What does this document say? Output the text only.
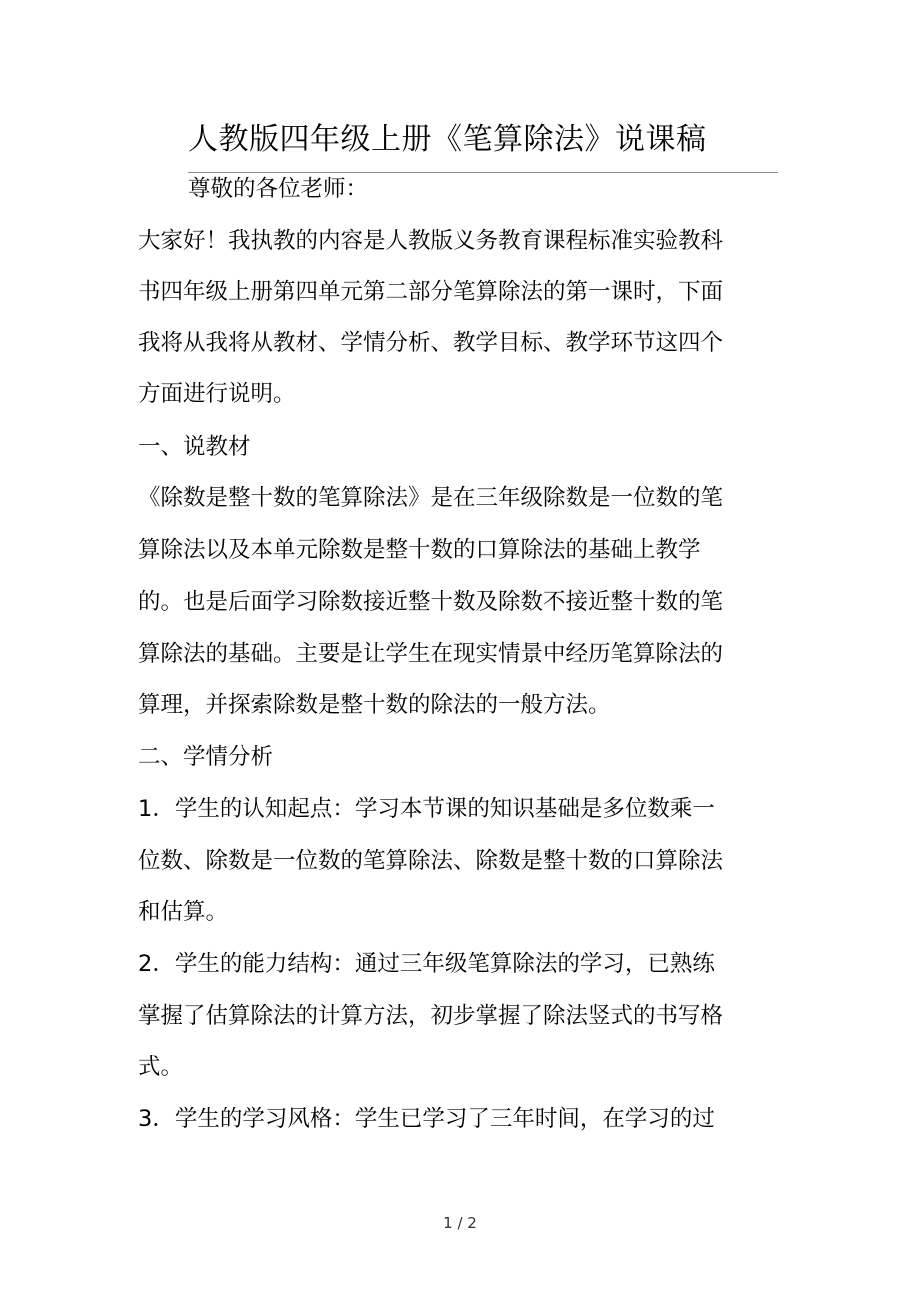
人教版四年级上册《笔算除法》说课稿
尊敬的各位老师：
大家好！我执教的内容是人教版义务教育课程标准实验教科
书四年级上册第四单元第二部分笔算除法的第一课时，下面
我将从我将从教材、学情分析、教学目标、教学环节这四个
方面进行说明。
一、说教材
《除数是整十数的笔算除法》是在三年级除数是一位数的笔
算除法以及本单元除数是整十数的口算除法的基础上教学
的。也是后面学习除数接近整十数及除数不接近整十数的笔
算除法的基础。主要是让学生在现实情景中经历笔算除法的
算理，并探索除数是整十数的除法的一般方法。
二、学情分析
1．学生的认知起点：学习本节课的知识基础是多位数乘一
位数、除数是一位数的笔算除法、除数是整十数的口算除法
和估算。
2．学生的能力结构：通过三年级笔算除法的学习，已熟练
掌握了估算除法的计算方法，初步掌握了除法竖式的书写格
式。
3．学生的学习风格：学生已学习了三年时间，在学习的过
1 / 2
